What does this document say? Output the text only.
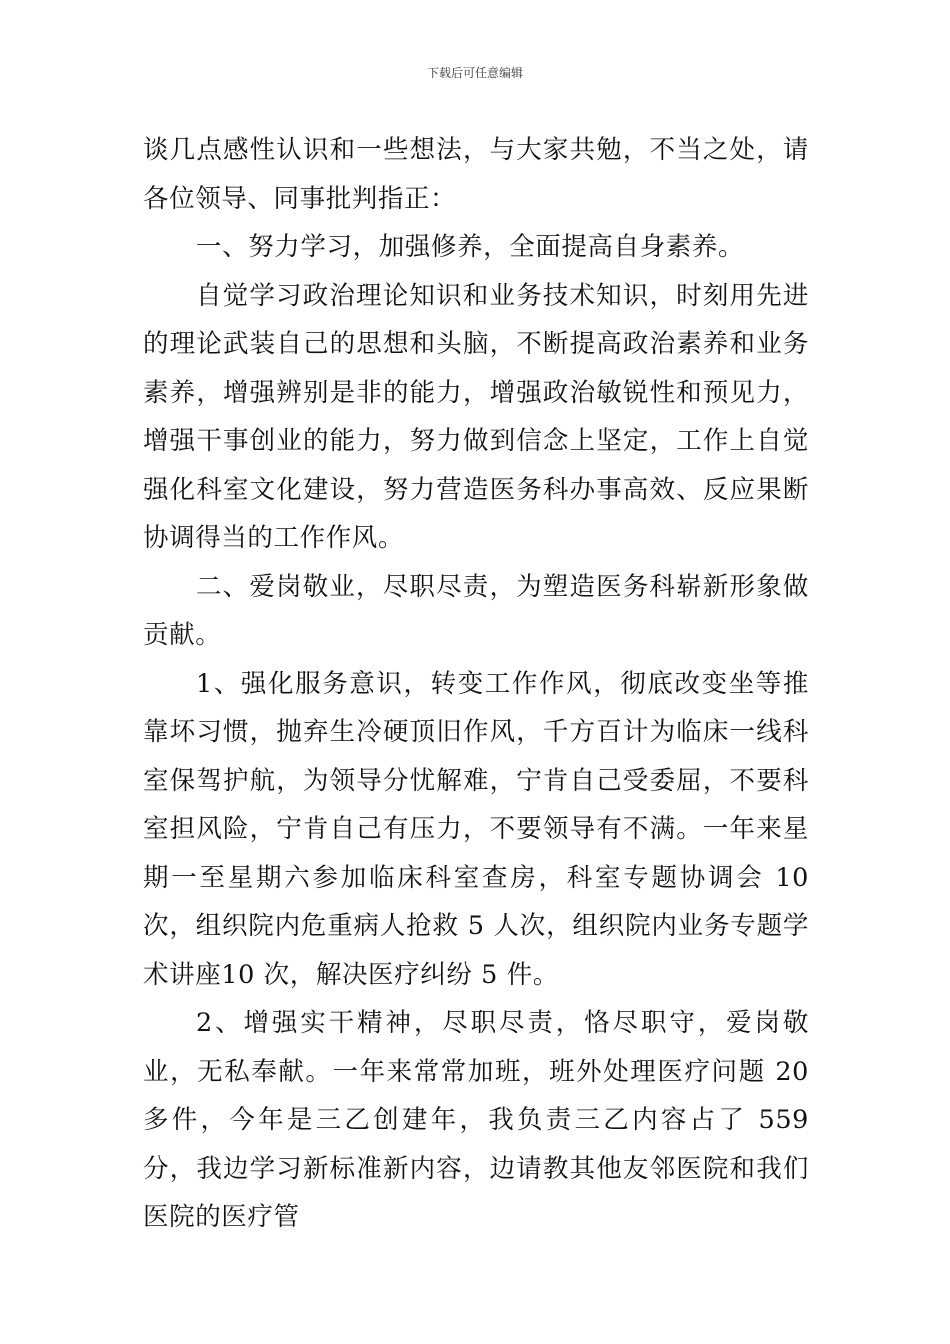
下载后可任意编辑

谈几点感性认识和一些想法，与大家共勉，不当之处，请各位领导、同事批判指正：

一、努力学习，加强修养，全面提高自身素养。

自觉学习政治理论知识和业务技术知识，时刻用先进的理论武装自己的思想和头脑，不断提高政治素养和业务素养，增强辨别是非的能力，增强政治敏锐性和预见力，增强干事创业的能力，努力做到信念上坚定，工作上自觉强化科室文化建设，努力营造医务科办事高效、反应果断协调得当的工作作风。

二、爱岗敬业，尽职尽责，为塑造医务科崭新形象做贡献。

1、强化服务意识，转变工作作风，彻底改变坐等推靠坏习惯，抛弃生冷硬顶旧作风，千方百计为临床一线科室保驾护航，为领导分忧解难，宁肯自己受委屈，不要科室担风险，宁肯自己有压力，不要领导有不满。一年来星期一至星期六参加临床科室查房，科室专题协调会 10 次，组织院内危重病人抢救 5 人次，组织院内业务专题学术讲座10 次，解决医疗纠纷 5 件。

2、增强实干精神，尽职尽责，恪尽职守，爱岗敬业，无私奉献。一年来常常加班，班外处理医疗问题 20 多件，今年是三乙创建年，我负责三乙内容占了 559 分，我边学习新标准新内容，边请教其他友邻医院和我们医院的医疗管
